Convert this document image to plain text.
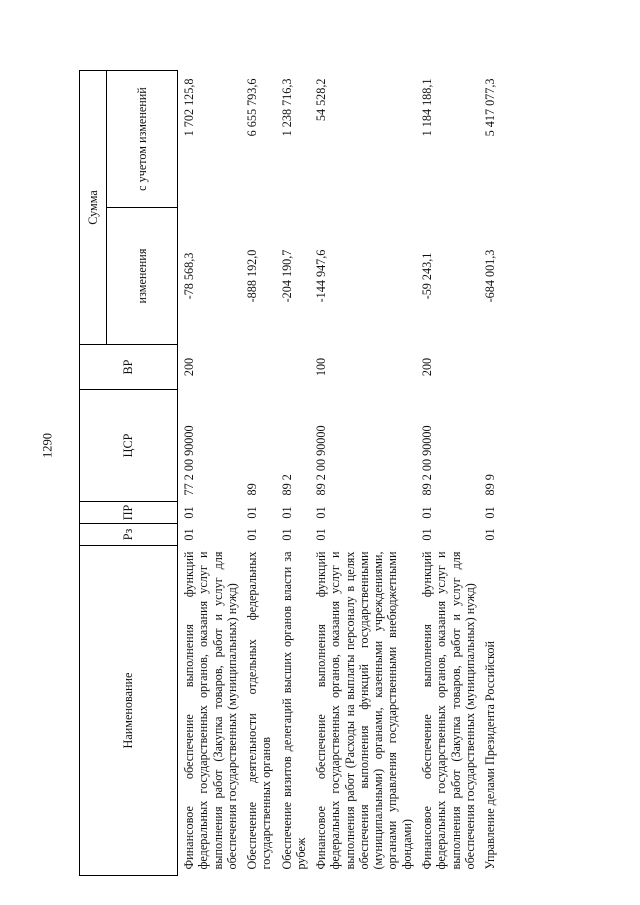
1290
Наименование	Рз	ПР	ЦСР	ВР	Сумма	
					изменения	с учетом изменений
Финансовое обеспечение выполнения функций федеральных государственных органов, оказания услуг и выполнения работ (Закупка товаров, работ и услуг для обеспечения государственных (муниципальных) нужд)	01	01	77 2 00 90000	200	-78 568,3	1 702 125,8
Обеспечение деятельности отдельных федеральных государственных органов	01	01	89		-888 192,0	6 655 793,6
Обеспечение визитов делегаций высших органов власти за рубеж	01	01	89 2		-204 190,7	1 238 716,3
Финансовое обеспечение выполнения функций федеральных государственных органов, оказания услуг и выполнения работ (Расходы на выплаты персоналу в целях обеспечения выполнения функций государственными (муниципальными) органами, казенными учреждениями, органами управления государственными внебюджетными фондами)	01	01	89 2 00 90000	100	-144 947,6	54 528,2
Финансовое обеспечение выполнения функций федеральных государственных органов, оказания услуг и выполнения работ (Закупка товаров, работ и услуг для обеспечения государственных (муниципальных) нужд)	01	01	89 2 00 90000	200	-59 243,1	1 184 188,1
Управление делами Президента Российской	01	01	89 9		-684 001,3	5 417 077,3
